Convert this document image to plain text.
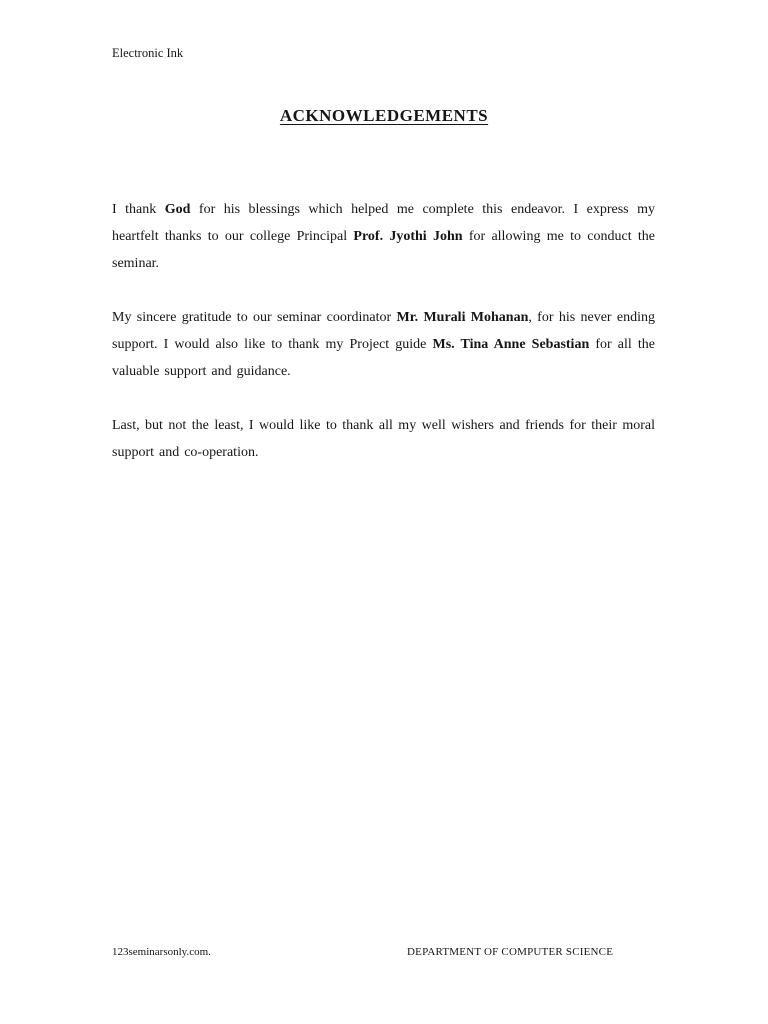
Electronic Ink
ACKNOWLEDGEMENTS

I thank God for his blessings which helped me complete this endeavor. I express my heartfelt thanks to our college Principal Prof. Jyothi John for allowing me to conduct the seminar.

My sincere gratitude to our seminar coordinator Mr. Murali Mohanan, for his never ending support. I would also like to thank my Project guide Ms. Tina Anne Sebastian for all the valuable support and guidance.

Last, but not the least, I would like to thank all my well wishers and friends for their moral support and co-operation.

123seminarsonly.com.	DEPARTMENT OF COMPUTER SCIENCE
